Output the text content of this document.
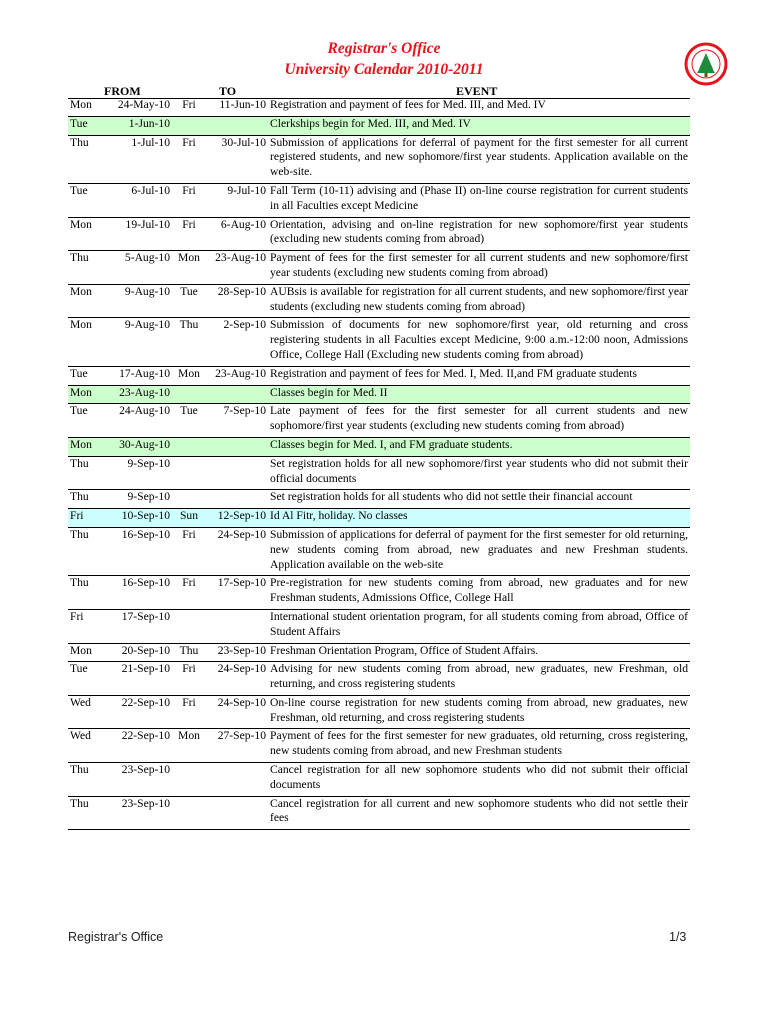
Registrar's Office
University Calendar 2010-2011
FROM	TO	EVENT
Mon	24-May-10	Fri	11-Jun-10	Registration and payment of fees for Med. III, and Med. IV
Tue	1-Jun-10			Clerkships begin for Med. III, and Med. IV
Thu	1-Jul-10	Fri	30-Jul-10	Submission of applications for deferral of payment for the first semester for all current registered students, and new sophomore/first year students. Application available on the web-site.
Tue	6-Jul-10	Fri	9-Jul-10	Fall Term (10-11) advising and (Phase II) on-line course registration for current students in all Faculties except Medicine
Mon	19-Jul-10	Fri	6-Aug-10	Orientation, advising and on-line registration for new sophomore/first year students (excluding new students coming from abroad)
Thu	5-Aug-10	Mon	23-Aug-10	Payment of fees for the first semester for all current students and new sophomore/first year students (excluding new students coming from abroad)
Mon	9-Aug-10	Tue	28-Sep-10	AUBsis is available for registration for all current students, and new sophomore/first year students (excluding new students coming from abroad)
Mon	9-Aug-10	Thu	2-Sep-10	Submission of documents for new sophomore/first year, old returning and cross registering students in all Faculties except Medicine, 9:00 a.m.-12:00 noon, Admissions Office, College Hall (Excluding new students coming from abroad)
Tue	17-Aug-10	Mon	23-Aug-10	Registration and payment of fees for Med. I, Med. II,and FM graduate students
Mon	23-Aug-10			Classes begin for Med. II
Tue	24-Aug-10	Tue	7-Sep-10	Late payment of fees for the first semester for all current students and new sophomore/first year students (excluding new students coming from abroad)
Mon	30-Aug-10			Classes begin for Med. I, and FM graduate students.
Thu	9-Sep-10			Set registration holds for all new sophomore/first year students who did not submit their official documents
Thu	9-Sep-10			Set registration holds for all students who did not settle their financial account
Fri	10-Sep-10	Sun	12-Sep-10	Id Al Fitr, holiday. No classes
Thu	16-Sep-10	Fri	24-Sep-10	Submission of applications for deferral of payment for the first semester for old returning, new students coming from abroad, new graduates and new Freshman students. Application available on the web-site
Thu	16-Sep-10	Fri	17-Sep-10	Pre-registration for new students coming from abroad, new graduates and for new Freshman students, Admissions Office, College Hall
Fri	17-Sep-10			International student orientation program, for all students coming from abroad, Office of Student Affairs
Mon	20-Sep-10	Thu	23-Sep-10	Freshman Orientation Program, Office of Student Affairs.
Tue	21-Sep-10	Fri	24-Sep-10	Advising for new students coming from abroad, new graduates, new Freshman, old returning, and cross registering students
Wed	22-Sep-10	Fri	24-Sep-10	On-line course registration for new students coming from abroad, new graduates, new Freshman, old returning, and cross registering students
Wed	22-Sep-10	Mon	27-Sep-10	Payment of fees for the first semester for new graduates, old returning, cross registering, new students coming from abroad, and new Freshman students
Thu	23-Sep-10			Cancel registration for all new sophomore students who did not submit their official documents
Thu	23-Sep-10			Cancel registration for all current and new sophomore students who did not settle their fees
Registrar's Office	1/3
